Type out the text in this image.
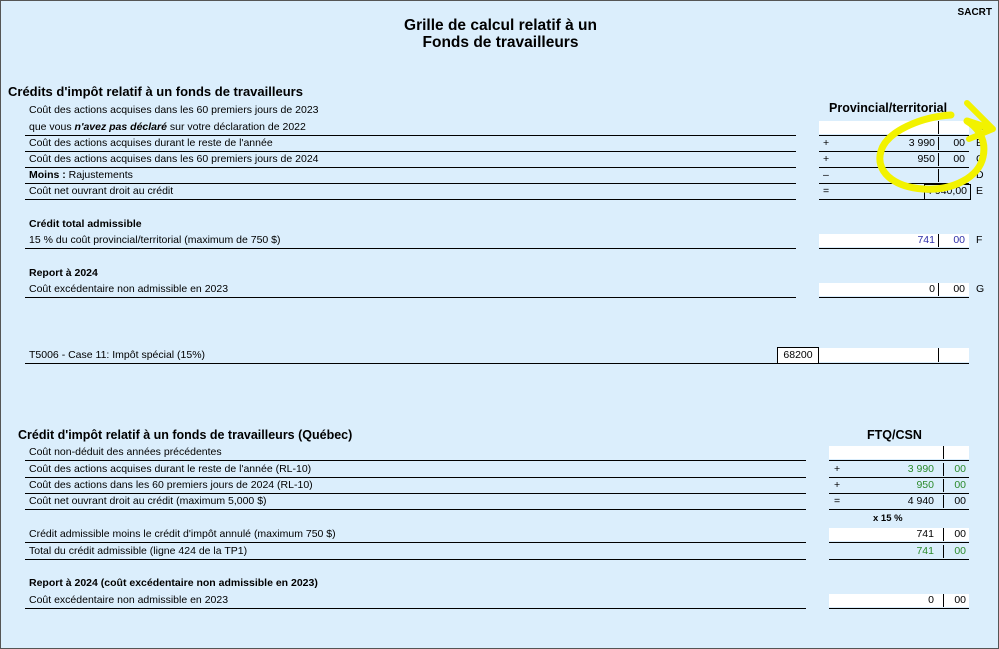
SACRT
Grille de calcul relatif à un
Fonds de travailleurs
Crédits d'impôt relatif à un fonds de travailleurs
Provincial/territorial
Coût des actions acquises dans les 60 premiers jours de 2023
que vous n'avez pas déclaré sur votre déclaration de 2022	A
Coût des actions acquises durant le reste de l'année	+	3 990	00 B
Coût des actions acquises dans les 60 premiers jours de 2024	+	950	00 C
Moins : Rajustements	–	D
Coût net ouvrant droit au crédit	=	4 940,00 E
Crédit total admissible
15 % du coût provincial/territorial (maximum de 750 $)	741	00 F
Report à 2024
Coût excédentaire non admissible en 2023	0	00 G
T5006 - Case 11: Impôt spécial (15%)	68200
Crédit d'impôt relatif à un fonds de travailleurs (Québec)	FTQ/CSN
Coût non-déduit des années précédentes
Coût des actions acquises durant le reste de l'année (RL-10)	+	3 990	00
Coût des actions dans les 60 premiers jours de 2024 (RL-10)	+	950	00
Coût net ouvrant droit au crédit (maximum 5,000 $)	=	4 940	00
x 15 %
Crédit admissible moins le crédit d'impôt annulé (maximum 750 $)	741	00
Total du crédit admissible (ligne 424 de la TP1)	741	00
Report à 2024 (coût excédentaire non admissible en 2023)
Coût excédentaire non admissible en 2023	0	00
